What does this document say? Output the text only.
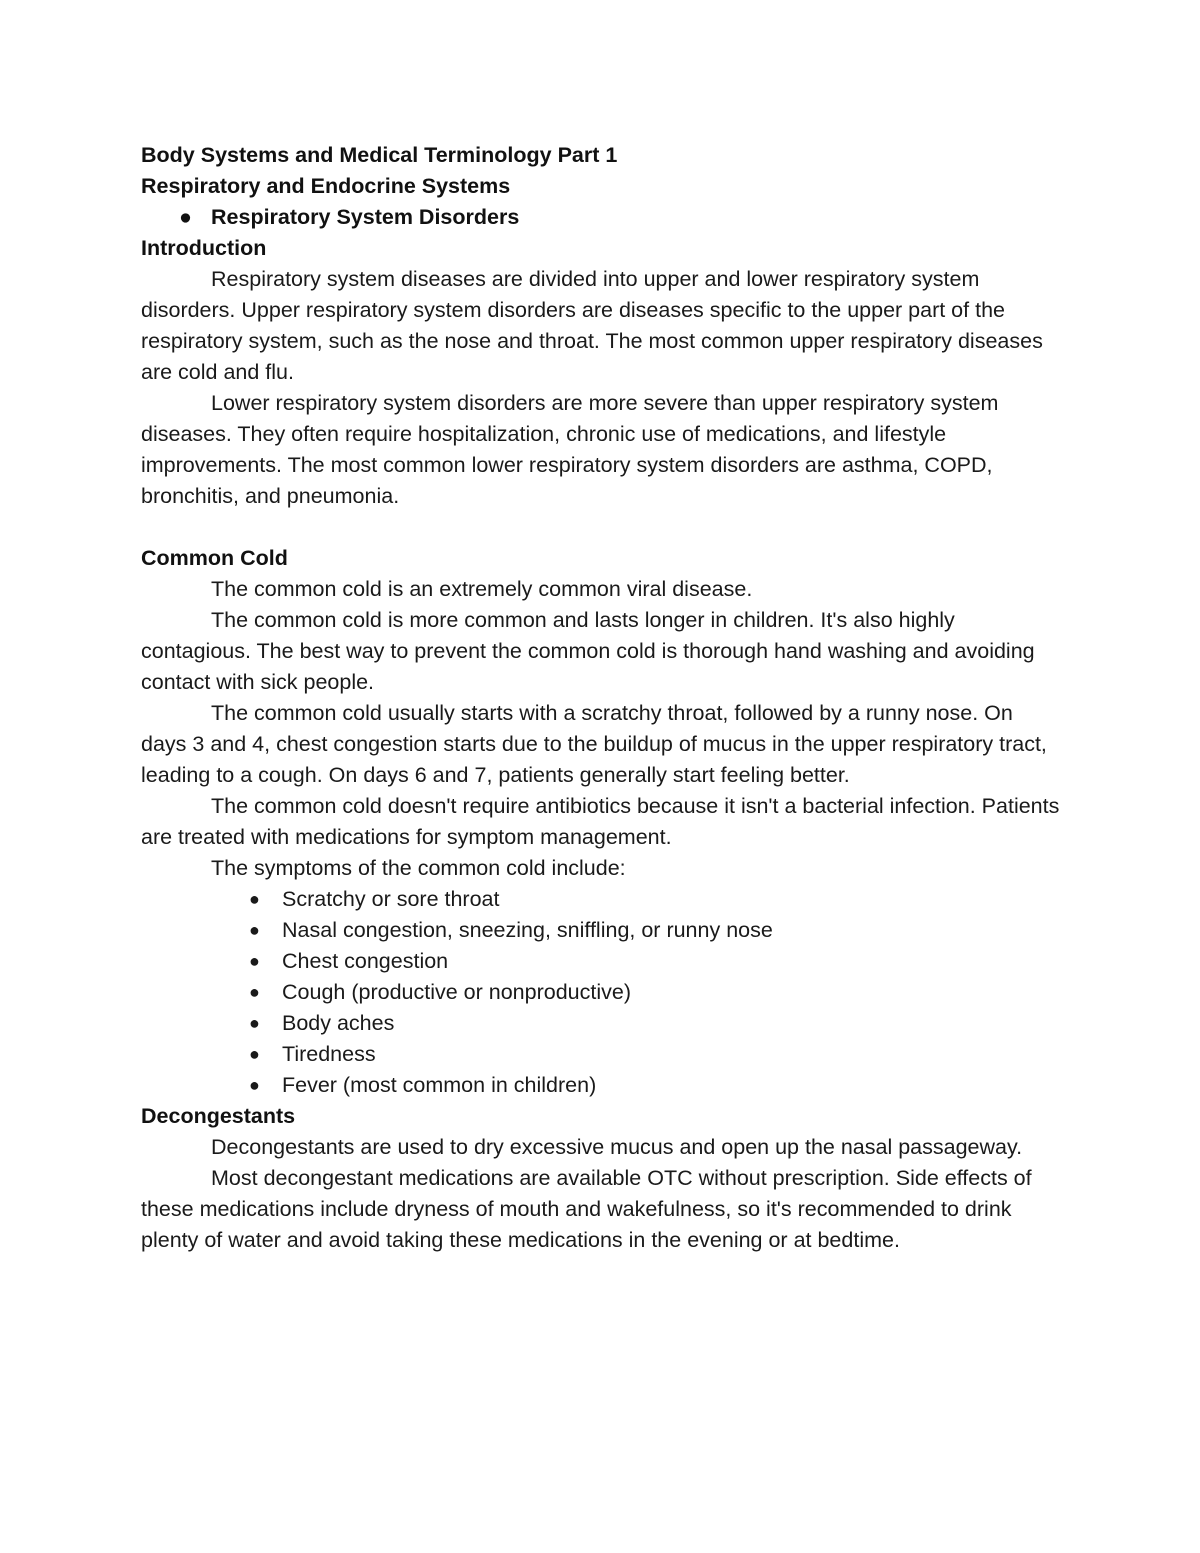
Body Systems and Medical Terminology Part 1
Respiratory and Endocrine Systems
● Respiratory System Disorders
Introduction

Respiratory system diseases are divided into upper and lower respiratory system disorders. Upper respiratory system disorders are diseases specific to the upper part of the respiratory system, such as the nose and throat. The most common upper respiratory diseases are cold and flu.

Lower respiratory system disorders are more severe than upper respiratory system diseases. They often require hospitalization, chronic use of medications, and lifestyle improvements. The most common lower respiratory system disorders are asthma, COPD, bronchitis, and pneumonia.

Common Cold

The common cold is an extremely common viral disease.

The common cold is more common and lasts longer in children. It's also highly contagious. The best way to prevent the common cold is thorough hand washing and avoiding contact with sick people.

The common cold usually starts with a scratchy throat, followed by a runny nose. On days 3 and 4, chest congestion starts due to the buildup of mucus in the upper respiratory tract, leading to a cough. On days 6 and 7, patients generally start feeling better.

The common cold doesn't require antibiotics because it isn't a bacterial infection. Patients are treated with medications for symptom management.

The symptoms of the common cold include:

● Scratchy or sore throat
● Nasal congestion, sneezing, sniffling, or runny nose
● Chest congestion
● Cough (productive or nonproductive)
● Body aches
● Tiredness
● Fever (most common in children)
Decongestants

Decongestants are used to dry excessive mucus and open up the nasal passageway.

Most decongestant medications are available OTC without prescription. Side effects of these medications include dryness of mouth and wakefulness, so it's recommended to drink plenty of water and avoid taking these medications in the evening or at bedtime.
